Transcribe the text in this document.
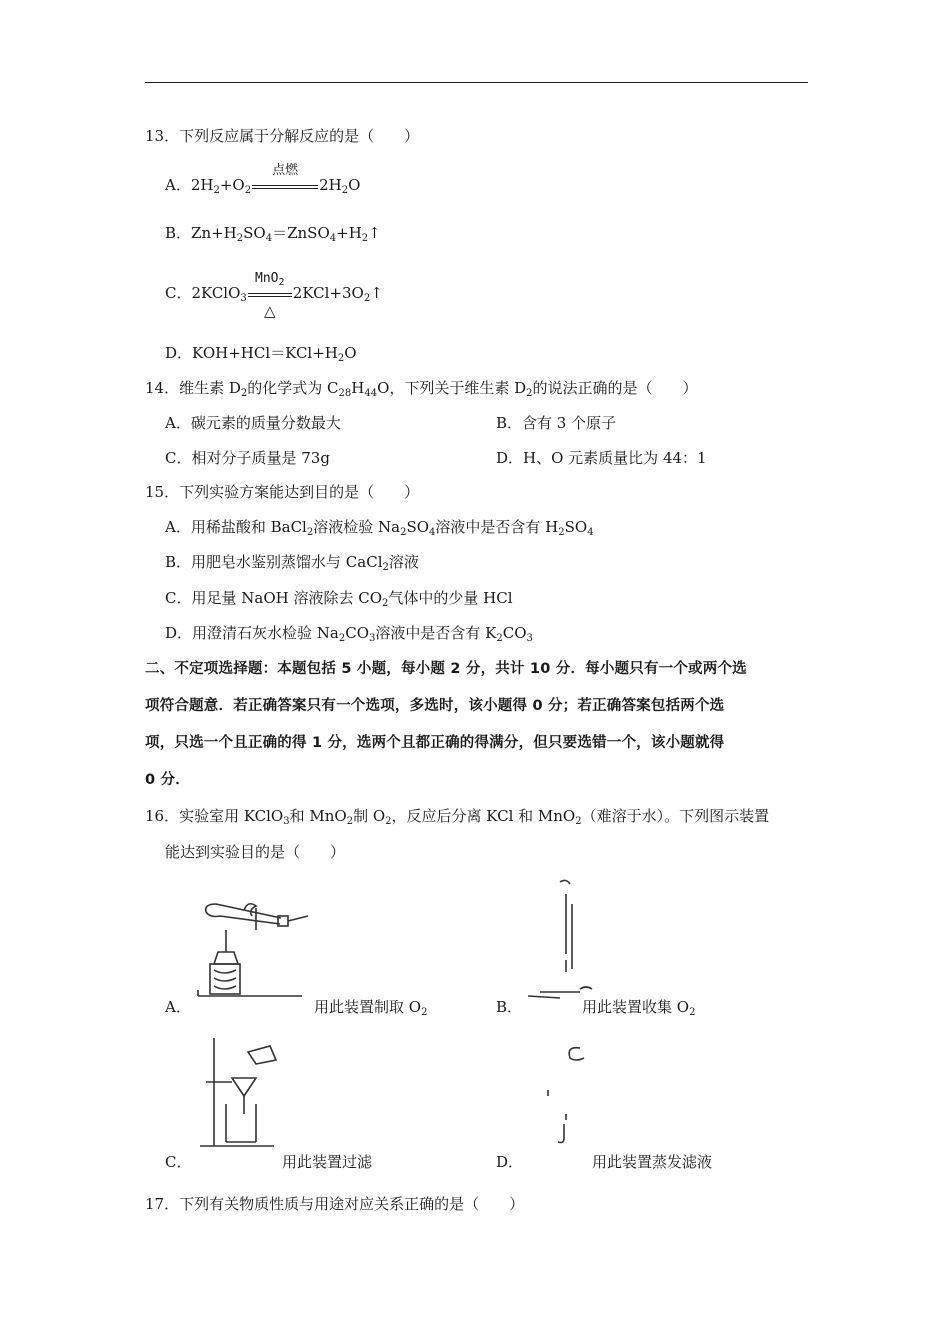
13．下列反应属于分解反应的是（　　）
A．$2H_2+O_2$
点燃
$2H_2O$
B．$Zn+H_2SO_4=ZnSO_4+H_2↑$
C．2KClO$_3$
MnO$_2$
△
$2KCl+3O_2↑$
D．$KOH+HCl=KCl+H_2O$
14．维生素 $D_2$的化学式为 $C_{28}H_{44}O$，下列关于维生素 $D_2$的说法正确的是（　　）
A．碳元素的质量分数最大	B．含有 3 个原子
C．相对分子质量是 73g	D．H、O 元素质量比为 44：1
15．下列实验方案能达到目的是（　　）
A．用稀盐酸和 BaCl$_2$溶液检验 $Na_2SO_4$溶液中是否含有 $H_2SO_4$
B．用肥皂水鉴别蒸馏水与 CaCl$_2$溶液
C．用足量 NaOH 溶液除去 $CO_2$气体中的少量 HCl
D．用澄清石灰水检验 $Na_2CO_3$溶液中是否含有 $K_2CO_3$
二、不定项选择题：本题包括 5 小题，每小题 2 分，共计 10 分．每小题只有一个或两个选
项符合题意．若正确答案只有一个选项，多选时，该小题得 0 分；若正确答案包括两个选
项，只选一个且正确的得 1 分，选两个且都正确的得满分，但只要选错一个，该小题就得
0 分．
16．实验室用 KClO$_3$和 MnO$_2$制 $O_2$，反应后分离 KCl 和 MnO$_2$（难溶于水）。下列图示装置
能达到实验目的是（　　）
A．	用此装置制取 $O_2$	B．	用此装置收集 $O_2$
C．	用此装置过滤	D．	用此装置蒸发滤液
17．下列有关物质性质与用途对应关系正确的是（　　）
